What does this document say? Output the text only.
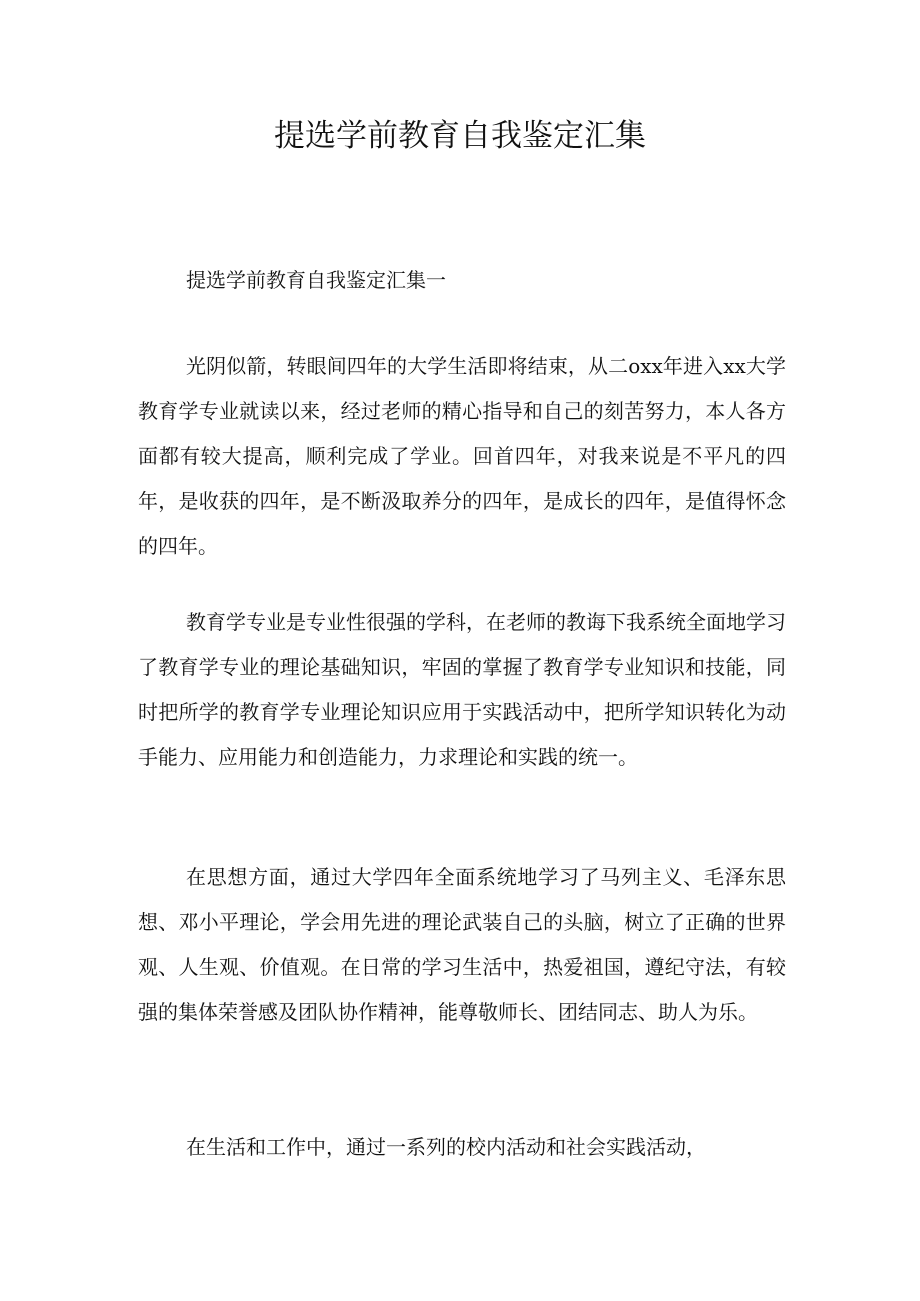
提选学前教育自我鉴定汇集
提选学前教育自我鉴定汇集一

光阴似箭，转眼间四年的大学生活即将结束，从二oxx年进入xx大学教育学专业就读以来，经过老师的精心指导和自己的刻苦努力，本人各方面都有较大提高，顺利完成了学业。回首四年，对我来说是不平凡的四年，是收获的四年，是不断汲取养分的四年，是成长的四年，是值得怀念的四年。

教育学专业是专业性很强的学科，在老师的教诲下我系统全面地学习了教育学专业的理论基础知识，牢固的掌握了教育学专业知识和技能，同时把所学的教育学专业理论知识应用于实践活动中，把所学知识转化为动手能力、应用能力和创造能力，力求理论和实践的统一。

在思想方面，通过大学四年全面系统地学习了马列主义、毛泽东思想、邓小平理论，学会用先进的理论武装自己的头脑，树立了正确的世界观、人生观、价值观。在日常的学习生活中，热爱祖国，遵纪守法，有较强的集体荣誉感及团队协作精神，能尊敬师长、团结同志、助人为乐。

在生活和工作中，通过一系列的校内活动和社会实践活动，
